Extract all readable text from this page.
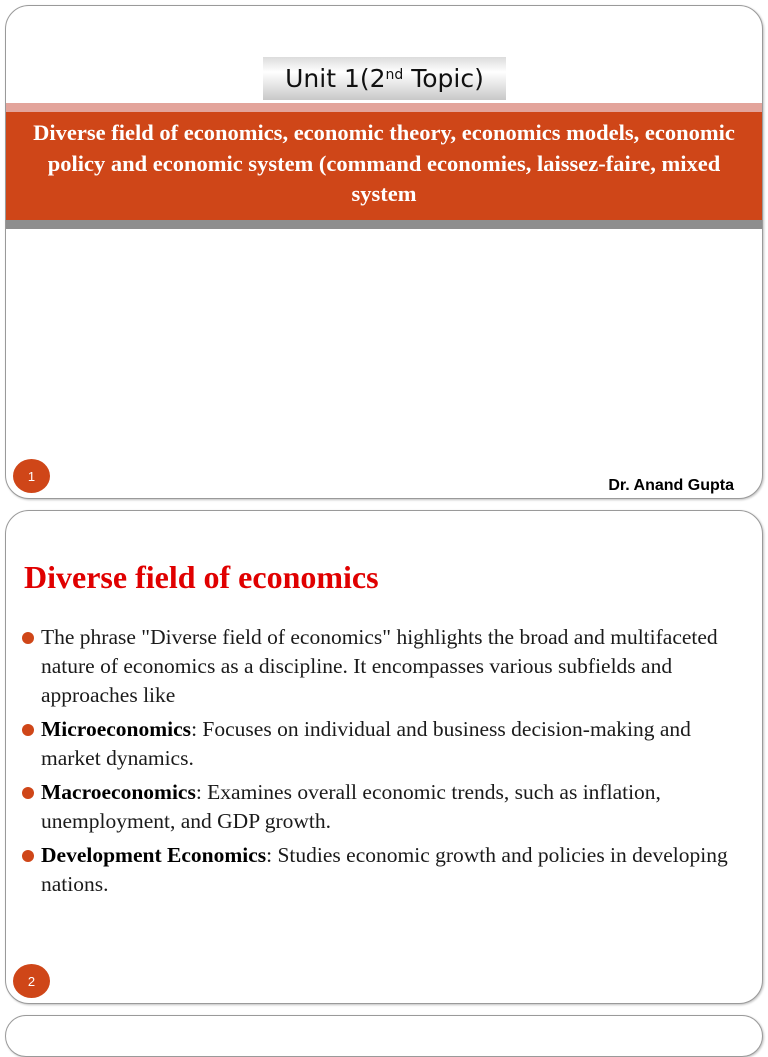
Unit 1(2nd Topic)
Diverse field of economics, economic theory, economics models, economic policy and economic system (command economies, laissez-faire, mixed system
1
Dr. Anand Gupta
Diverse field of economics
The phrase "Diverse field of economics" highlights the broad and multifaceted nature of economics as a discipline. It encompasses various subfields and approaches like
Microeconomics: Focuses on individual and business decision-making and market dynamics.
Macroeconomics: Examines overall economic trends, such as inflation, unemployment, and GDP growth.
Development Economics: Studies economic growth and policies in developing nations.
2
